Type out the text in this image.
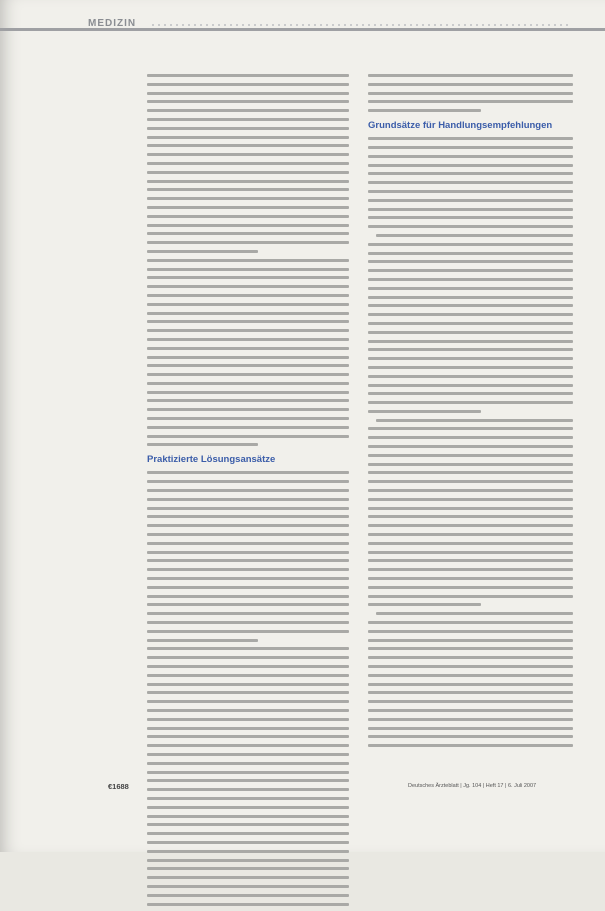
MEDIZIN
Praktizierte Lösungsansätze
Grundsätze für Handlungsempfehlungen
€1688	Deutsches Ärzteblatt | Jg. 104 | Heft 17 | 6. Juli 2007
